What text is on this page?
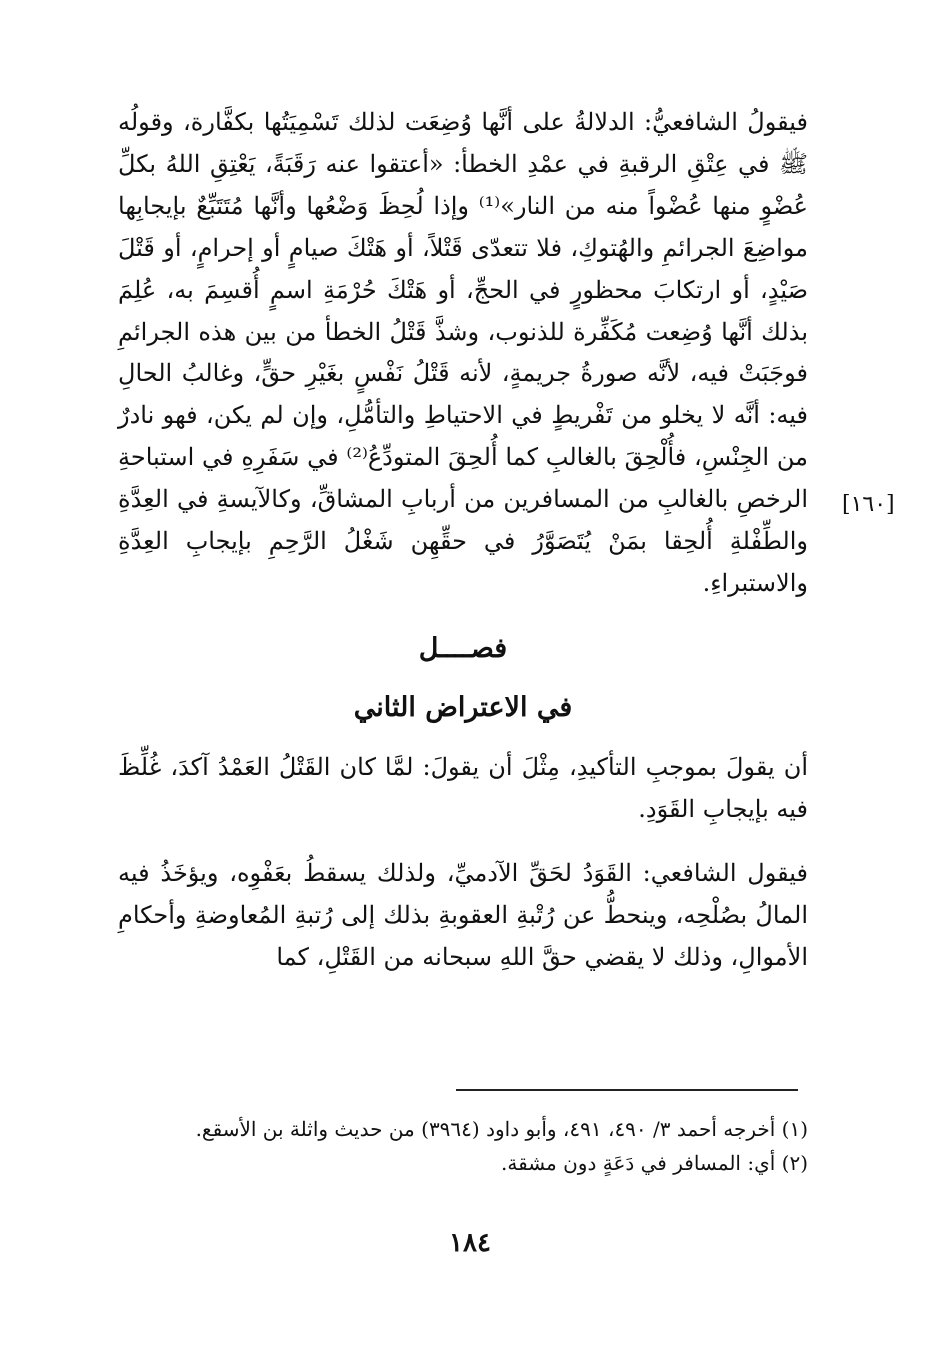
[١٦٠]

فيقولُ الشافعيُّ: الدلالةُ على أنَّها وُضِعَت لذلك تَسْمِيَتُها بكفَّارة، وقولُه ﷺ في عِتْقِ الرقبةِ في عمْدِ الخطأ: «أعتقوا عنه رَقَبَةً، يَعْتِقِ اللهُ بكلِّ عُضْوٍ منها عُضْواً منه من النار»⁽¹⁾ وإذا لُحِظَ وَضْعُها وأنَّها مُتَتَبِّعٌ بإيجابِها مواضِعَ الجرائمِ والهُتوكِ، فلا تتعدّى قَتْلاً، أو هَتْكَ صيامٍ أو إحرامٍ، أو قَتْلَ صَيْدٍ، أو ارتكابَ محظورٍ في الحجِّ، أو هَتْكَ حُرْمَةِ اسمٍ أُقسِمَ به، عُلِمَ بذلك أنَّها وُضِعت مُكَفِّرة للذنوب، وشذَّ قَتْلُ الخطأ من بين هذه الجرائمِ فوجَبَتْ فيه، لأنَّه صورةُ جريمةٍ، لأنه قَتْلُ نَفْسٍ بغَيْرِ حقٍّ، وغالبُ الحالِ فيه: أنَّه لا يخلو من تَفْريطٍ في الاحتياطِ والتأمُّلِ، وإن لم يكن، فهو نادرٌ من الجِنْسِ، فأُلْحِقَ بالغالبِ كما أُلحِقَ المتودِّعُ⁽²⁾ في سَفَرِهِ في استباحةِ الرخصِ بالغالبِ من المسافرين من أربابِ المشاقِّ، وكالآيسةِ في العِدَّةِ والطِّفْلةِ أُلحِقا بمَنْ يُتَصَوَّرُ في حقِّهِن شَغْلُ الرَّحِمِ بإيجابِ العِدَّةِ والاستبراءِ.

فصــــل
في الاعتراض الثاني

أن يقولَ بموجبِ التأكيدِ، مِثْلَ أن يقولَ: لمَّا كان القَتْلُ العَمْدُ آكدَ، غُلِّظَ فيه بإيجابِ القَوَدِ.

فيقول الشافعي: القَوَدُ لحَقِّ الآدميِّ، ولذلك يسقطُ بعَفْوِه، ويؤخَذُ فيه المالُ بصُلْحِه، وينحطُّ عن رُتْبةِ العقوبةِ بذلك إلى رُتبةِ المُعاوضةِ وأحكامِ الأموالِ، وذلك لا يقضي حقَّ اللهِ سبحانه من القَتْلِ، كما

(١) أخرجه أحمد ٣/ ٤٩٠، ٤٩١، وأبو داود (٣٩٦٤) من حديث واثلة بن الأسقع.

(٢) أي: المسافر في دَعَةٍ دون مشقة.

١٨٤
